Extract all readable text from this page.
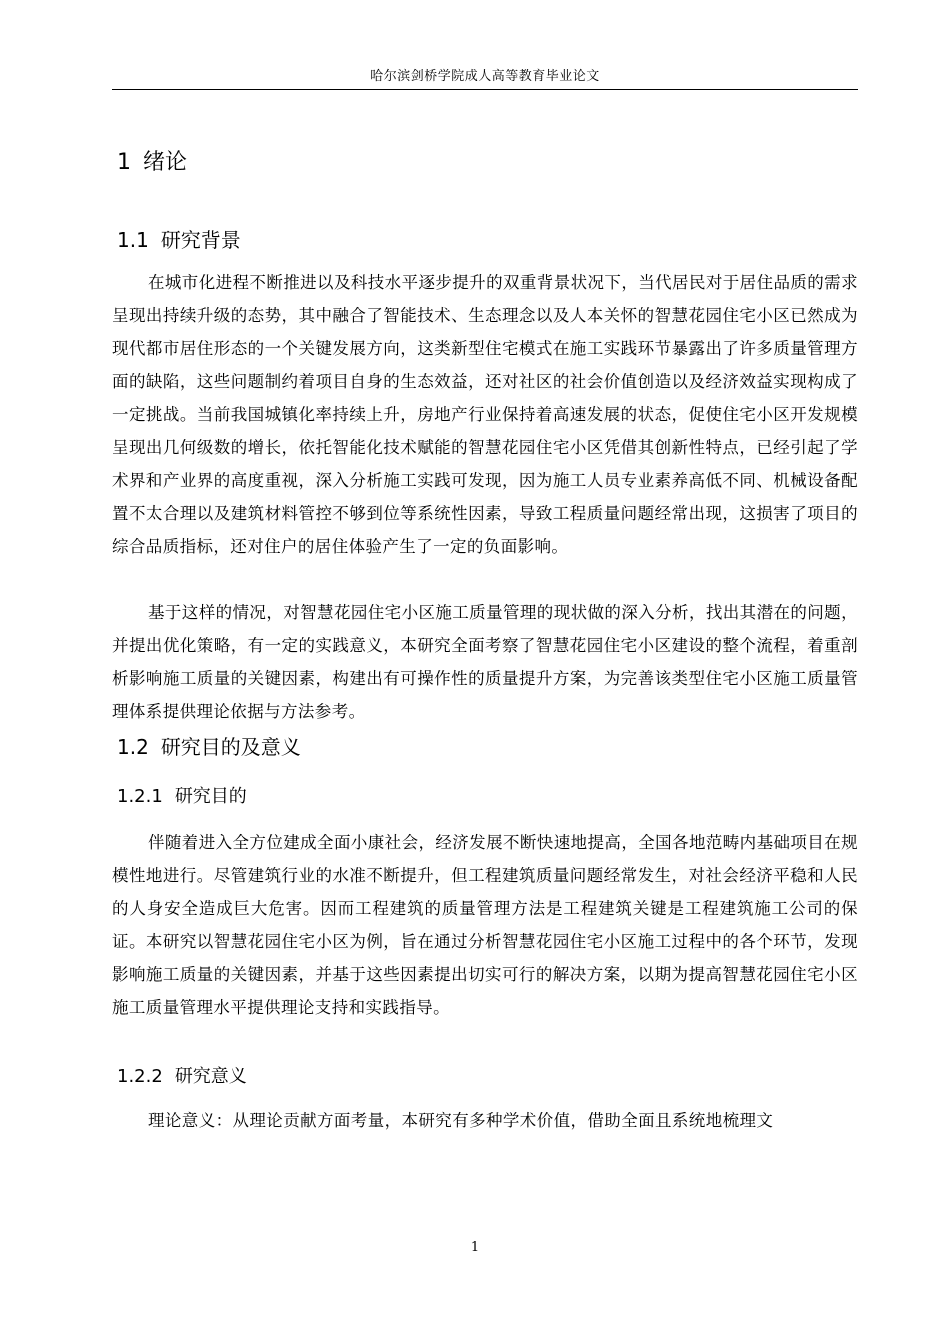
哈尔滨剑桥学院成人高等教育毕业论文
1 绪论
1.1 研究背景

在城市化进程不断推进以及科技水平逐步提升的双重背景状况下，当代居民对于居住品质的需求呈现出持续升级的态势，其中融合了智能技术、生态理念以及人本关怀的智慧花园住宅小区已然成为现代都市居住形态的一个关键发展方向，这类新型住宅模式在施工实践环节暴露出了许多质量管理方面的缺陷，这些问题制约着项目自身的生态效益，还对社区的社会价值创造以及经济效益实现构成了一定挑战。当前我国城镇化率持续上升，房地产行业保持着高速发展的状态，促使住宅小区开发规模呈现出几何级数的增长，依托智能化技术赋能的智慧花园住宅小区凭借其创新性特点，已经引起了学术界和产业界的高度重视，深入分析施工实践可发现，因为施工人员专业素养高低不同、机械设备配置不太合理以及建筑材料管控不够到位等系统性因素，导致工程质量问题经常出现，这损害了项目的综合品质指标，还对住户的居住体验产生了一定的负面影响。

基于这样的情况，对智慧花园住宅小区施工质量管理的现状做的深入分析，找出其潜在的问题，并提出优化策略，有一定的实践意义，本研究全面考察了智慧花园住宅小区建设的整个流程，着重剖析影响施工质量的关键因素，构建出有可操作性的质量提升方案，为完善该类型住宅小区施工质量管理体系提供理论依据与方法参考。

1.2 研究目的及意义
1.2.1 研究目的

伴随着进入全方位建成全面小康社会，经济发展不断快速地提高，全国各地范畴内基础项目在规模性地进行。尽管建筑行业的水准不断提升，但工程建筑质量问题经常发生，对社会经济平稳和人民的人身安全造成巨大危害。因而工程建筑的质量管理方法是工程建筑关键是工程建筑施工公司的保证。本研究以智慧花园住宅小区为例，旨在通过分析智慧花园住宅小区施工过程中的各个环节，发现影响施工质量的关键因素，并基于这些因素提出切实可行的解决方案，以期为提高智慧花园住宅小区施工质量管理水平提供理论支持和实践指导。

1.2.2 研究意义

理论意义：从理论贡献方面考量，本研究有多种学术价值，借助全面且系统地梳理文

1
